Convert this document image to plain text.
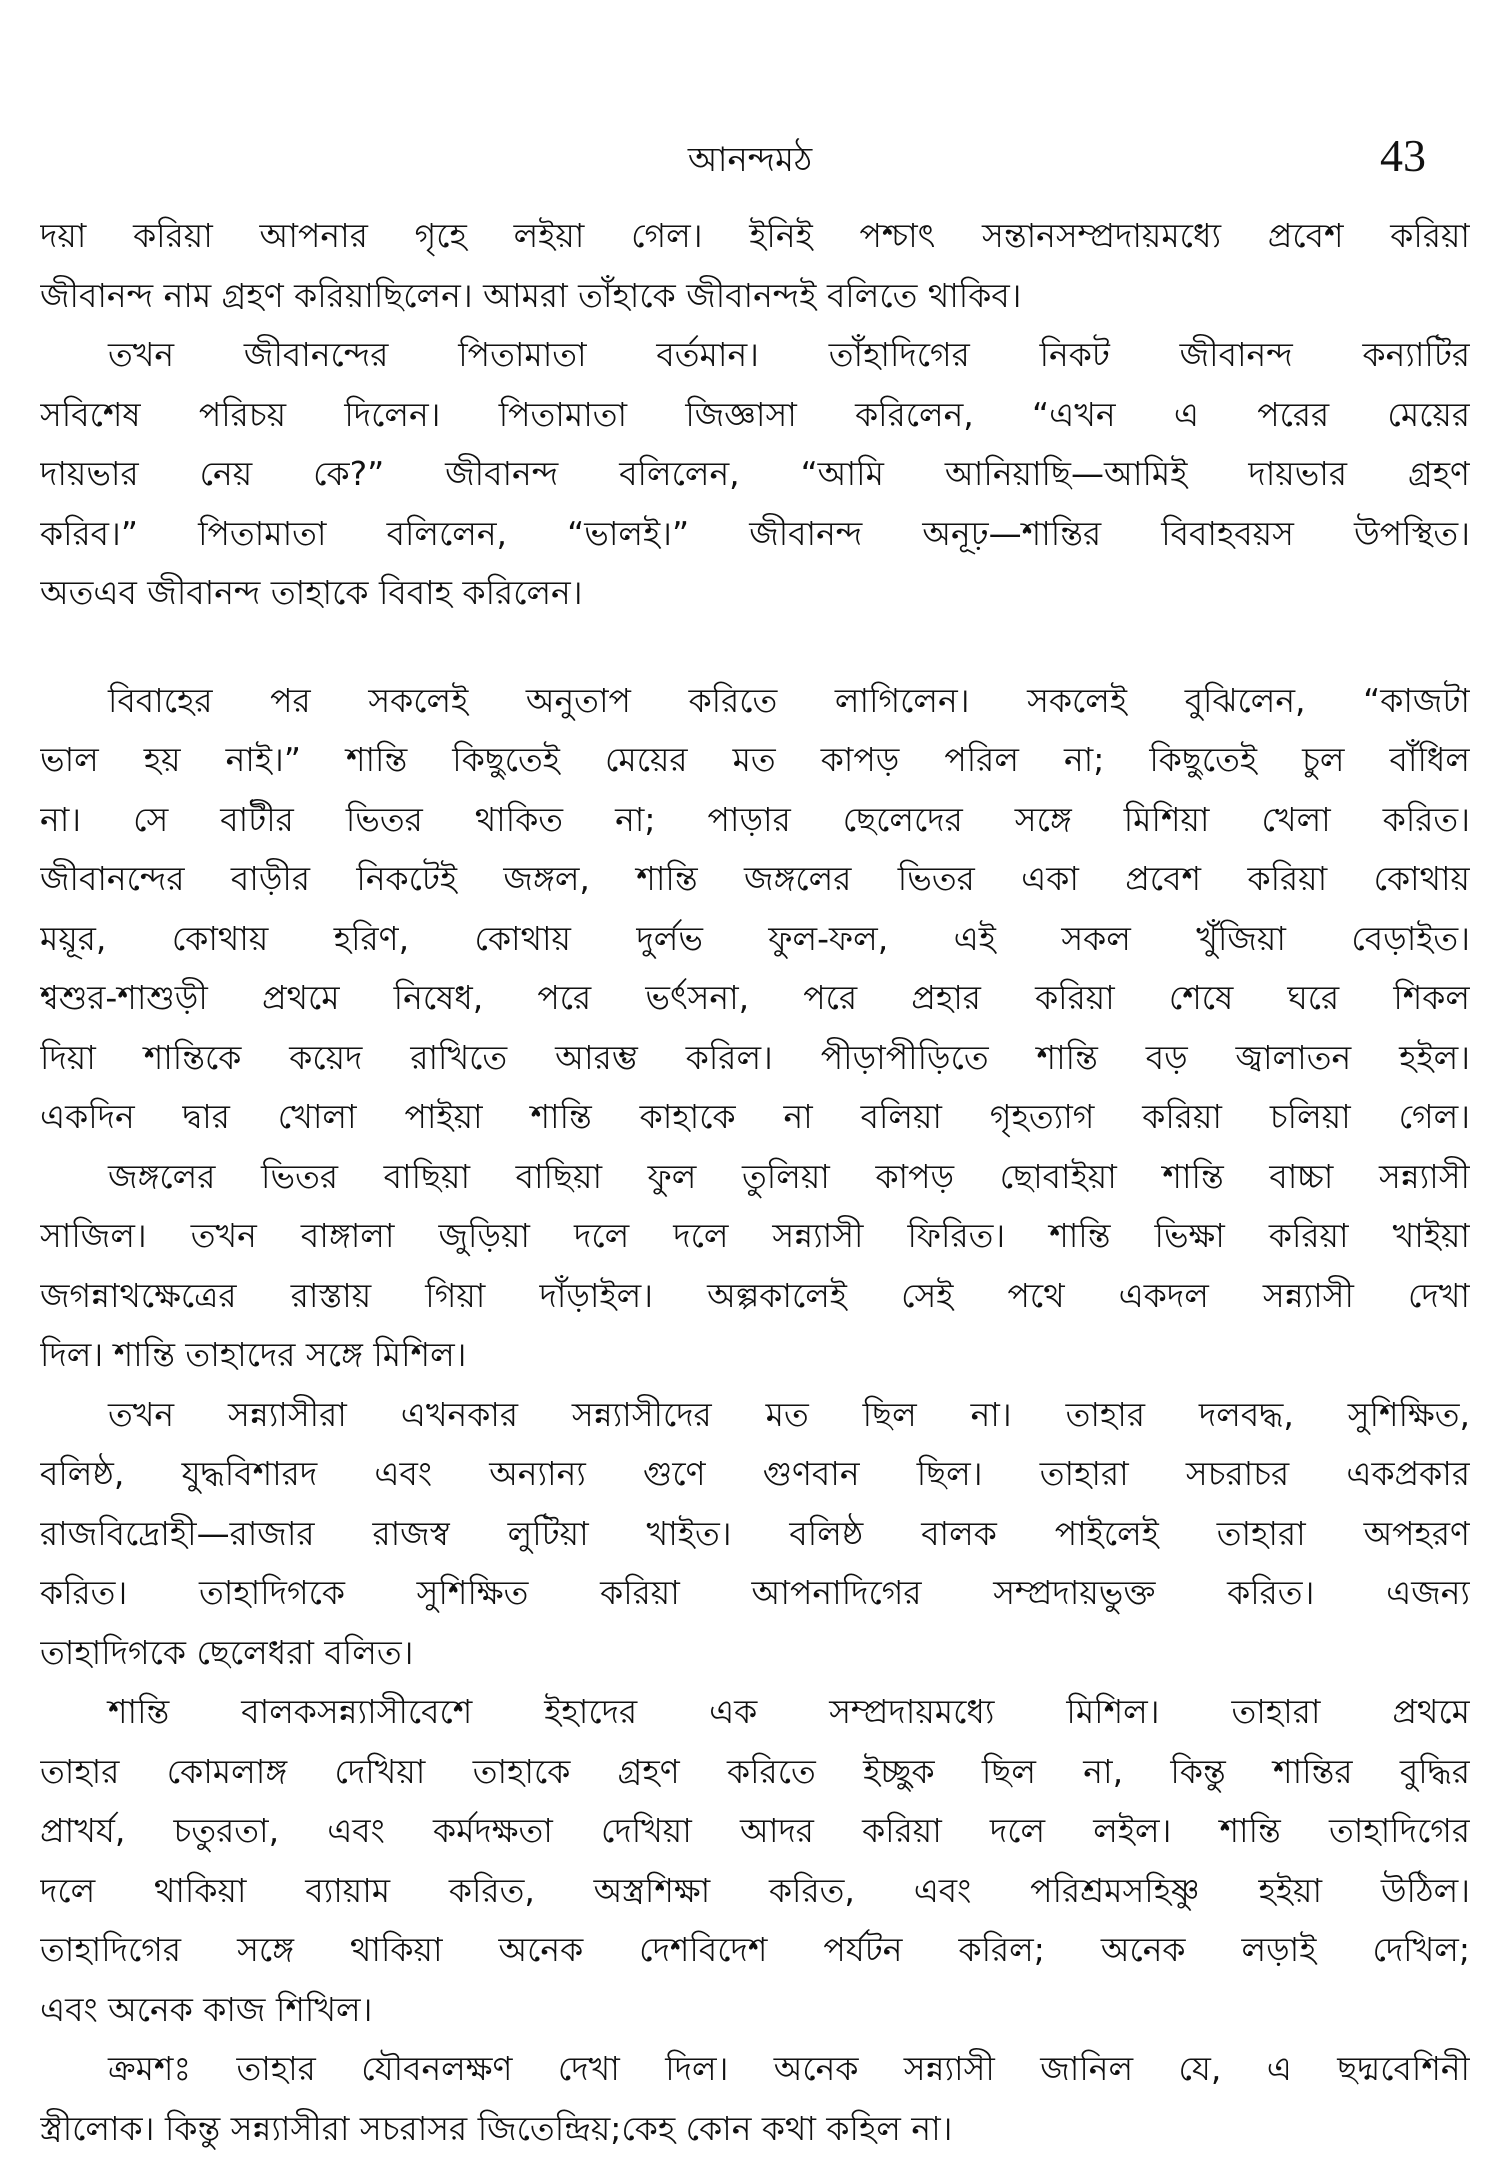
আনন্দমঠ	43
দয়া করিয়া আপনার গৃহে লইয়া গেল। ইনিই পশ্চাৎ সন্তানসম্প্রদায়মধ্যে প্রবেশ করিয়া
জীবানন্দ নাম গ্রহণ করিয়াছিলেন। আমরা তাঁহাকে জীবানন্দই বলিতে থাকিব।
তখন জীবানন্দের পিতামাতা বর্তমান। তাঁহাদিগের নিকট জীবানন্দ কন্যাটির
সবিশেষ পরিচয় দিলেন। পিতামাতা জিজ্ঞাসা করিলেন, “এখন এ পরের মেয়ের
দায়ভার নেয় কে?” জীবানন্দ বলিলেন, “আমি আনিয়াছি—আমিই দায়ভার গ্রহণ
করিব।” পিতামাতা বলিলেন, “ভালই।” জীবানন্দ অনূঢ়—শান্তির বিবাহবয়স উপস্থিত।
অতএব জীবানন্দ তাহাকে বিবাহ করিলেন।
বিবাহের পর সকলেই অনুতাপ করিতে লাগিলেন। সকলেই বুঝিলেন, “কাজটা
ভাল হয় নাই।” শান্তি কিছুতেই মেয়ের মত কাপড় পরিল না; কিছুতেই চুল বাঁধিল
না। সে বাটীর ভিতর থাকিত না; পাড়ার ছেলেদের সঙ্গে মিশিয়া খেলা করিত।
জীবানন্দের বাড়ীর নিকটেই জঙ্গল, শান্তি জঙ্গলের ভিতর একা প্রবেশ করিয়া কোথায়
ময়ূর, কোথায় হরিণ, কোথায় দুর্লভ ফুল-ফল, এই সকল খুঁজিয়া বেড়াইত।
শ্বশুর-শাশুড়ী প্রথমে নিষেধ, পরে ভর্ৎসনা, পরে প্রহার করিয়া শেষে ঘরে শিকল
দিয়া শান্তিকে কয়েদ রাখিতে আরম্ভ করিল। পীড়াপীড়িতে শান্তি বড় জ্বালাতন হইল।
একদিন দ্বার খোলা পাইয়া শান্তি কাহাকে না বলিয়া গৃহত্যাগ করিয়া চলিয়া গেল।
জঙ্গলের ভিতর বাছিয়া বাছিয়া ফুল তুলিয়া কাপড় ছোবাইয়া শান্তি বাচ্চা সন্ন্যাসী
সাজিল। তখন বাঙ্গালা জুড়িয়া দলে দলে সন্ন্যাসী ফিরিত। শান্তি ভিক্ষা করিয়া খাইয়া
জগন্নাথক্ষেত্রের রাস্তায় গিয়া দাঁড়াইল। অল্পকালেই সেই পথে একদল সন্ন্যাসী দেখা
দিল। শান্তি তাহাদের সঙ্গে মিশিল।
তখন সন্ন্যাসীরা এখনকার সন্ন্যাসীদের মত ছিল না। তাহার দলবদ্ধ, সুশিক্ষিত,
বলিষ্ঠ, যুদ্ধবিশারদ এবং অন্যান্য গুণে গুণবান ছিল। তাহারা সচরাচর একপ্রকার
রাজবিদ্রোহী—রাজার রাজস্ব লুটিয়া খাইত। বলিষ্ঠ বালক পাইলেই তাহারা অপহরণ
করিত। তাহাদিগকে সুশিক্ষিত করিয়া আপনাদিগের সম্প্রদায়ভুক্ত করিত। এজন্য
তাহাদিগকে ছেলেধরা বলিত।
শান্তি বালকসন্ন্যাসীবেশে ইহাদের এক সম্প্রদায়মধ্যে মিশিল। তাহারা প্রথমে
তাহার কোমলাঙ্গ দেখিয়া তাহাকে গ্রহণ করিতে ইচ্ছুক ছিল না, কিন্তু শান্তির বুদ্ধির
প্রাখর্য, চতুরতা, এবং কর্মদক্ষতা দেখিয়া আদর করিয়া দলে লইল। শান্তি তাহাদিগের
দলে থাকিয়া ব্যায়াম করিত, অস্ত্রশিক্ষা করিত, এবং পরিশ্রমসহিষ্ণু হইয়া উঠিল।
তাহাদিগের সঙ্গে থাকিয়া অনেক দেশবিদেশ পর্যটন করিল; অনেক লড়াই দেখিল;
এবং অনেক কাজ শিখিল।
ক্রমশঃ তাহার যৌবনলক্ষণ দেখা দিল। অনেক সন্ন্যাসী জানিল যে, এ ছদ্মবেশিনী
স্ত্রীলোক। কিন্তু সন্ন্যাসীরা সচরাসর জিতেন্দ্রিয়;কেহ কোন কথা কহিল না।
